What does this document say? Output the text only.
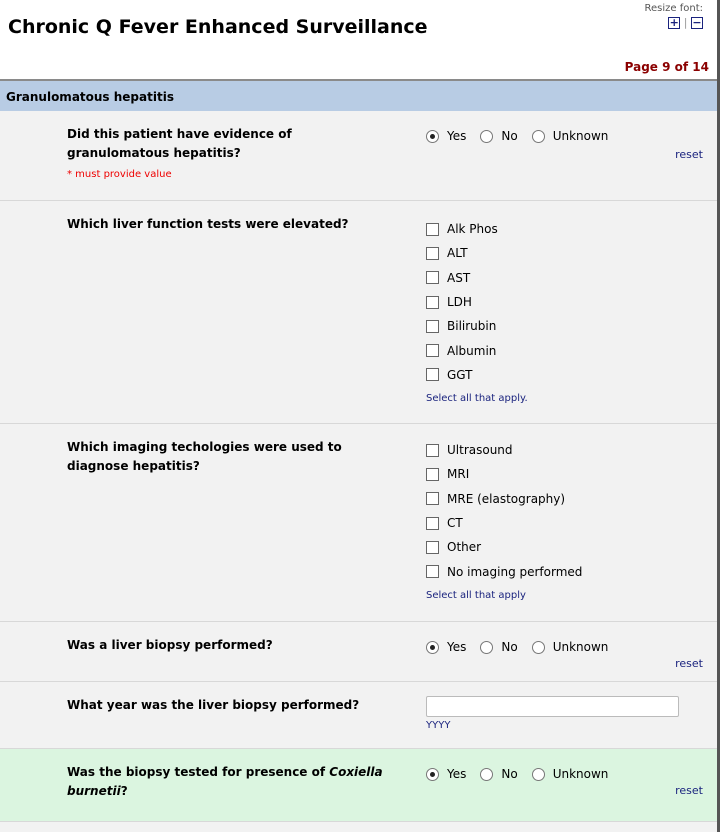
Chronic Q Fever Enhanced Surveillance
Resize font:
+ | −
Page 9 of 14
Granulomatous hepatitis
Did this patient have evidence of granulomatous hepatitis?
* must provide value
Yes	No	Unknown
reset
Which liver function tests were elevated?	Alk Phos
ALT
AST
LDH
Bilirubin
Albumin
GGT
Select all that apply.
Which imaging techologies were used to diagnose hepatitis?
Ultrasound
MRI
MRE (elastography)
CT
Other
No imaging performed
Select all that apply
Was a liver biopsy performed?	Yes	No	Unknown
reset
What year was the liver biopsy performed?
YYYY
Was the biopsy tested for presence of Coxiella burnetii?
Yes	No	Unknown
reset
